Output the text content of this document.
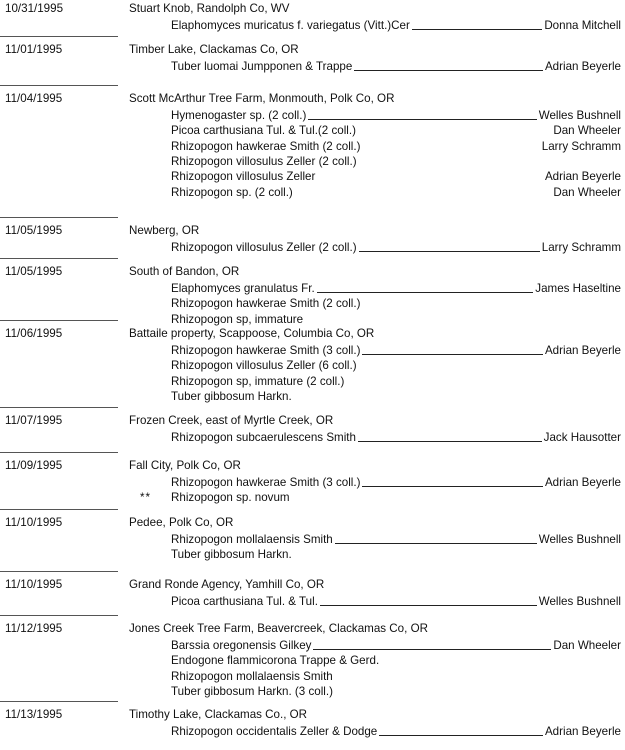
10/31/1995	Stuart Knob, Randolph Co, WV
Elaphomyces muricatus f. variegatus (Vitt.)Cer	Donna Mitchell
11/01/1995	Timber Lake, Clackamas Co, OR
Tuber luomai Jumpponen & Trappe	Adrian Beyerle
11/04/1995	Scott McArthur Tree Farm, Monmouth, Polk Co, OR
Hymenogaster sp. (2 coll.)	Welles Bushnell
Picoa carthusiana Tul. & Tul.(2 coll.)	Dan Wheeler
Rhizopogon hawkerae Smith (2 coll.)	Larry Schramm
Rhizopogon villosulus Zeller (2 coll.)
Rhizopogon villosulus Zeller	Adrian Beyerle
Rhizopogon sp. (2 coll.)	Dan Wheeler
11/05/1995	Newberg, OR
Rhizopogon villosulus Zeller (2 coll.)	Larry Schramm
11/05/1995	South of Bandon, OR
Elaphomyces granulatus Fr.	James Haseltine
Rhizopogon hawkerae Smith (2 coll.)
Rhizopogon sp, immature
11/06/1995	Battaile property, Scappoose, Columbia Co, OR
Rhizopogon hawkerae Smith (3 coll.)	Adrian Beyerle
Rhizopogon villosulus Zeller (6 coll.)
Rhizopogon sp, immature (2 coll.)
Tuber gibbosum Harkn.
11/07/1995	Frozen Creek, east of Myrtle Creek, OR
Rhizopogon subcaerulescens Smith	Jack Hausotter
11/09/1995	Fall City, Polk Co, OR
Rhizopogon hawkerae Smith (3 coll.)	Adrian Beyerle
** Rhizopogon sp. novum
11/10/1995	Pedee, Polk Co, OR
Rhizopogon mollalaensis Smith	Welles Bushnell
Tuber gibbosum Harkn.
11/10/1995	Grand Ronde Agency, Yamhill Co, OR
Picoa carthusiana Tul. & Tul.	Welles Bushnell
11/12/1995	Jones Creek Tree Farm, Beavercreek, Clackamas Co, OR
Barssia oregonensis Gilkey	Dan Wheeler
Endogone flammicorona Trappe & Gerd.
Rhizopogon mollalaensis Smith
Tuber gibbosum Harkn. (3 coll.)
11/13/1995	Timothy Lake, Clackamas Co., OR
Rhizopogon occidentalis Zeller & Dodge	Adrian Beyerle
